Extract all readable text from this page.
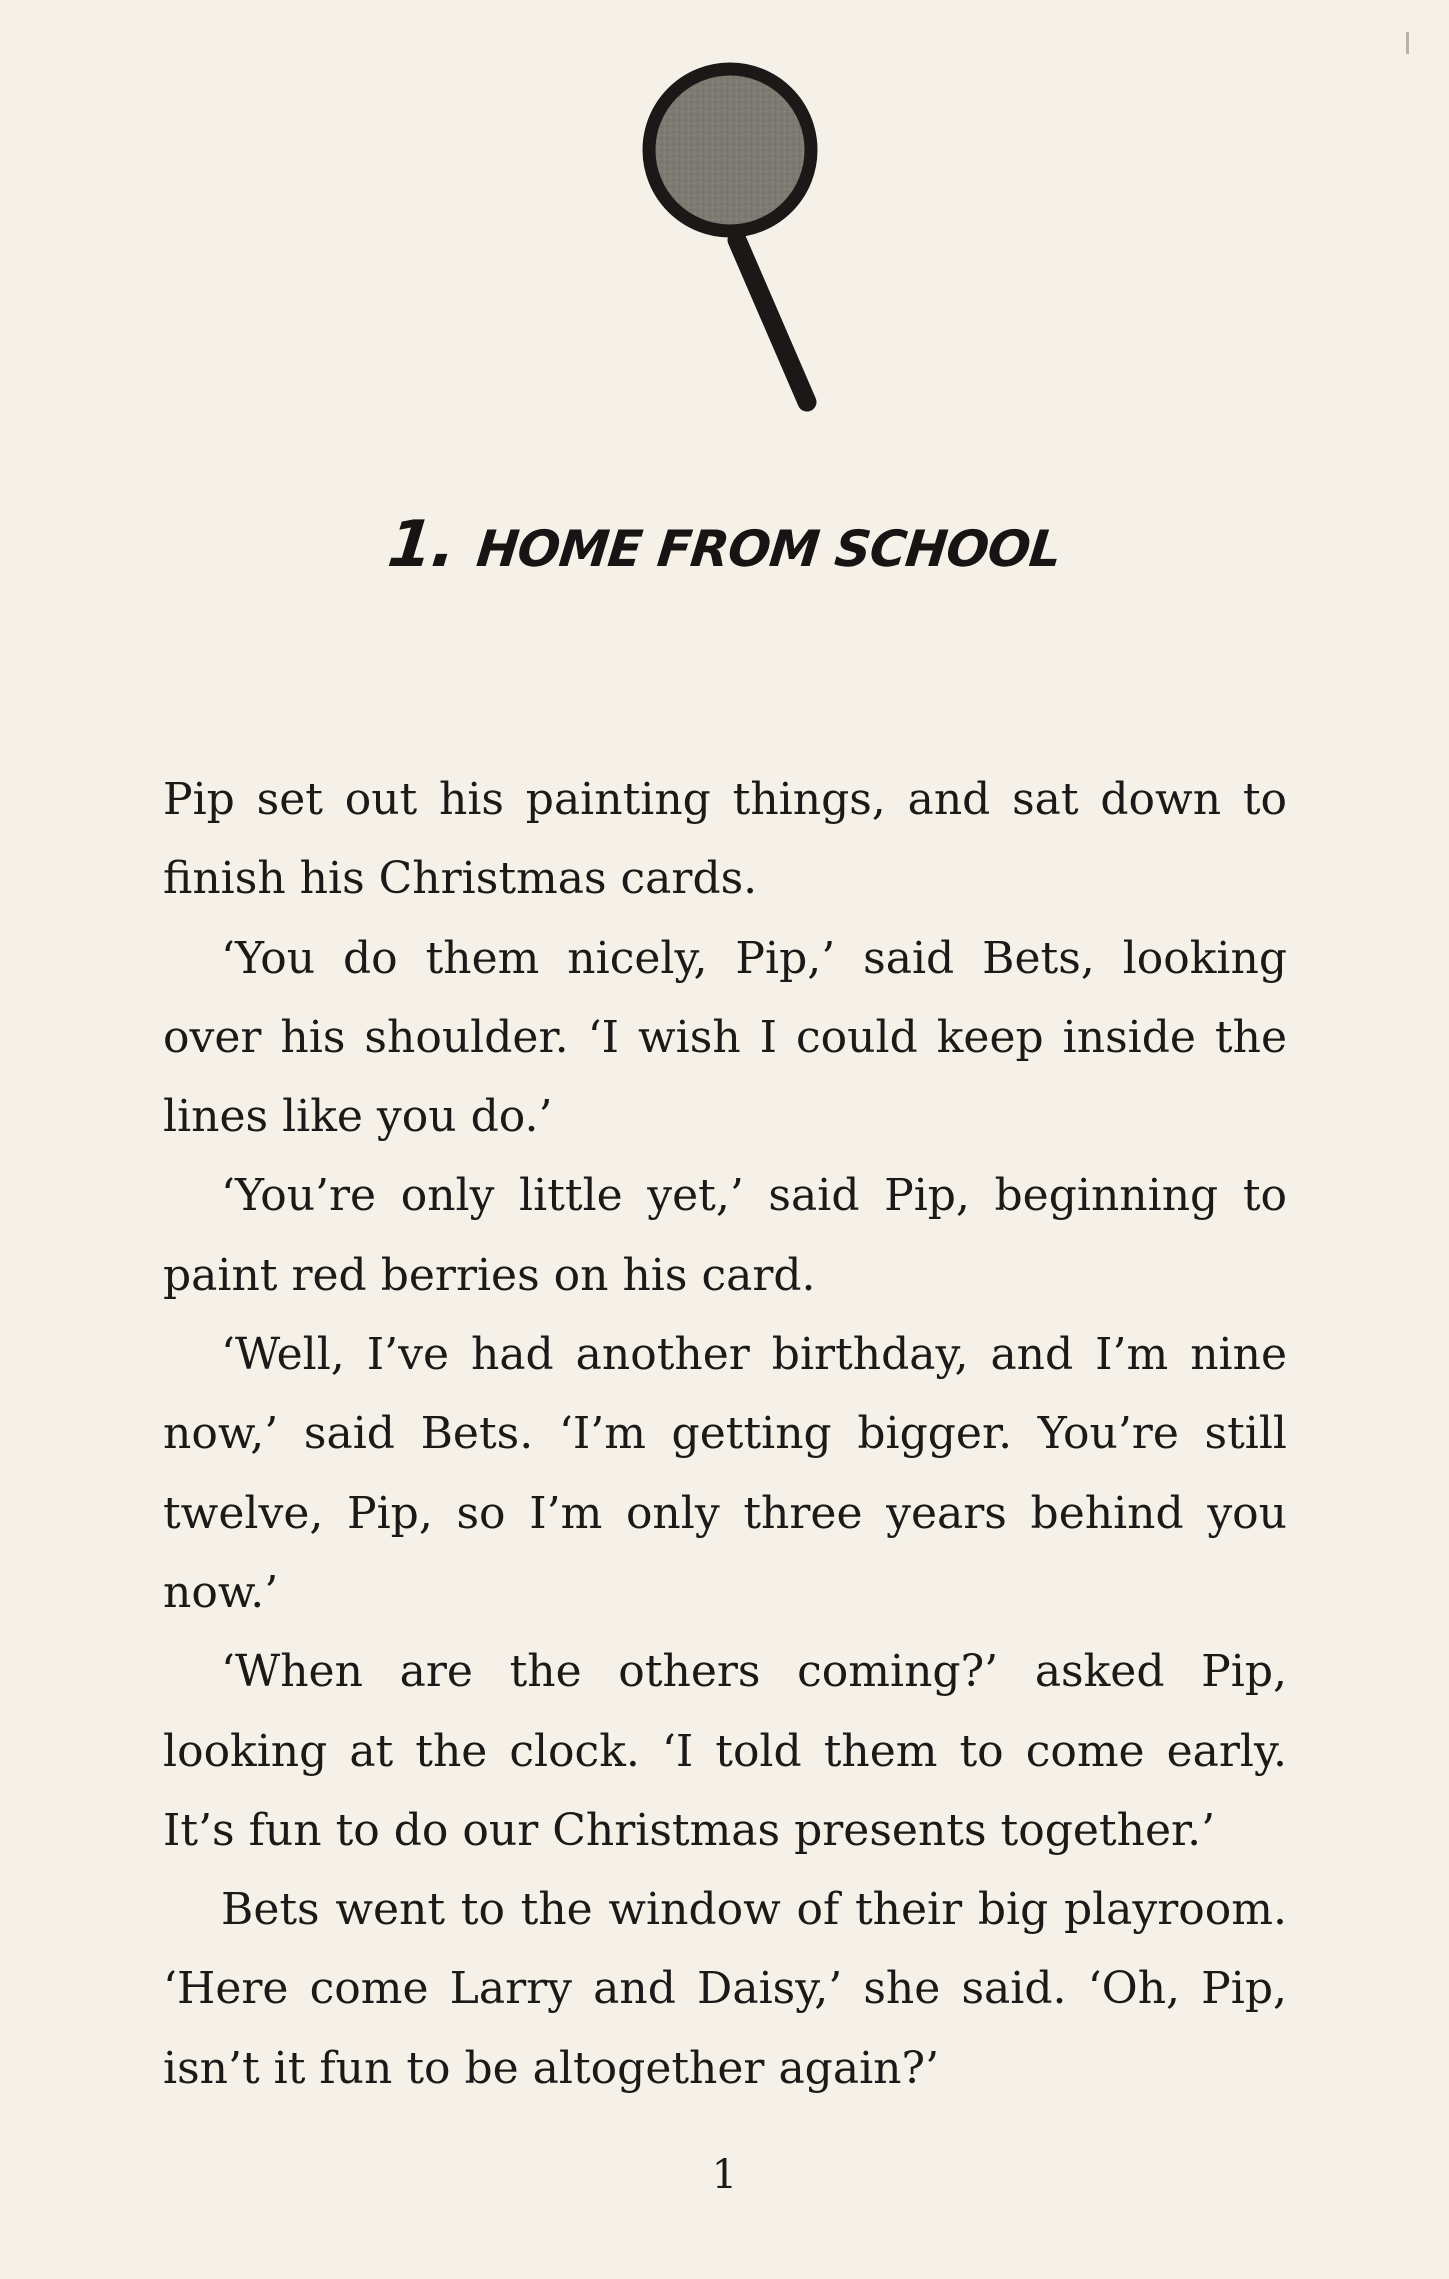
1. HOME FROM SCHOOL

Pip set out his painting things, and sat down to finish his Christmas cards.

‘You do them nicely, Pip,’ said Bets, looking over his shoulder. ‘I wish I could keep inside the lines like you do.’

‘You’re only little yet,’ said Pip, beginning to paint red berries on his card.

‘Well, I’ve had another birthday, and I’m nine now,’ said Bets. ‘I’m getting bigger. You’re still twelve, Pip, so I’m only three years behind you now.’

‘When are the others coming?’ asked Pip, looking at the clock. ‘I told them to come early. It’s fun to do our Christmas presents together.’

Bets went to the window of their big playroom. ‘Here come Larry and Daisy,’ she said. ‘Oh, Pip, isn’t it fun to be altogether again?’

1
